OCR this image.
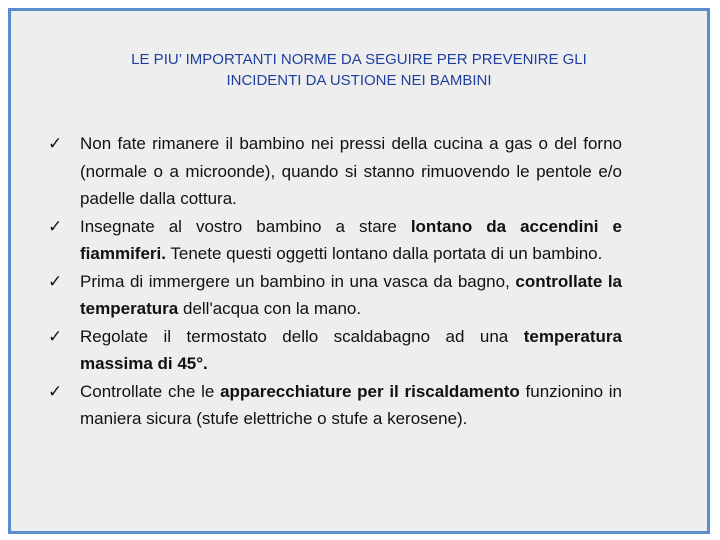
LE PIU’ IMPORTANTI NORME DA SEGUIRE PER PREVENIRE GLI
INCIDENTI DA USTIONE NEI BAMBINI
✓	Non fate rimanere il bambino nei pressi della cucina a gas o del forno (normale o a microonde), quando si stanno rimuovendo le pentole e/o padelle dalla cottura.
✓	Insegnate al vostro bambino a stare lontano da accendini e fiammiferi. Tenete questi oggetti lontano dalla portata di un bambino.
✓	Prima di immergere un bambino in una vasca da bagno, controllate la temperatura dell'acqua con la mano.
✓	Regolate il termostato dello scaldabagno ad una temperatura massima di 45°.
✓	Controllate che le apparecchiature per il riscaldamento funzionino in maniera sicura (stufe elettriche o stufe a kerosene).
